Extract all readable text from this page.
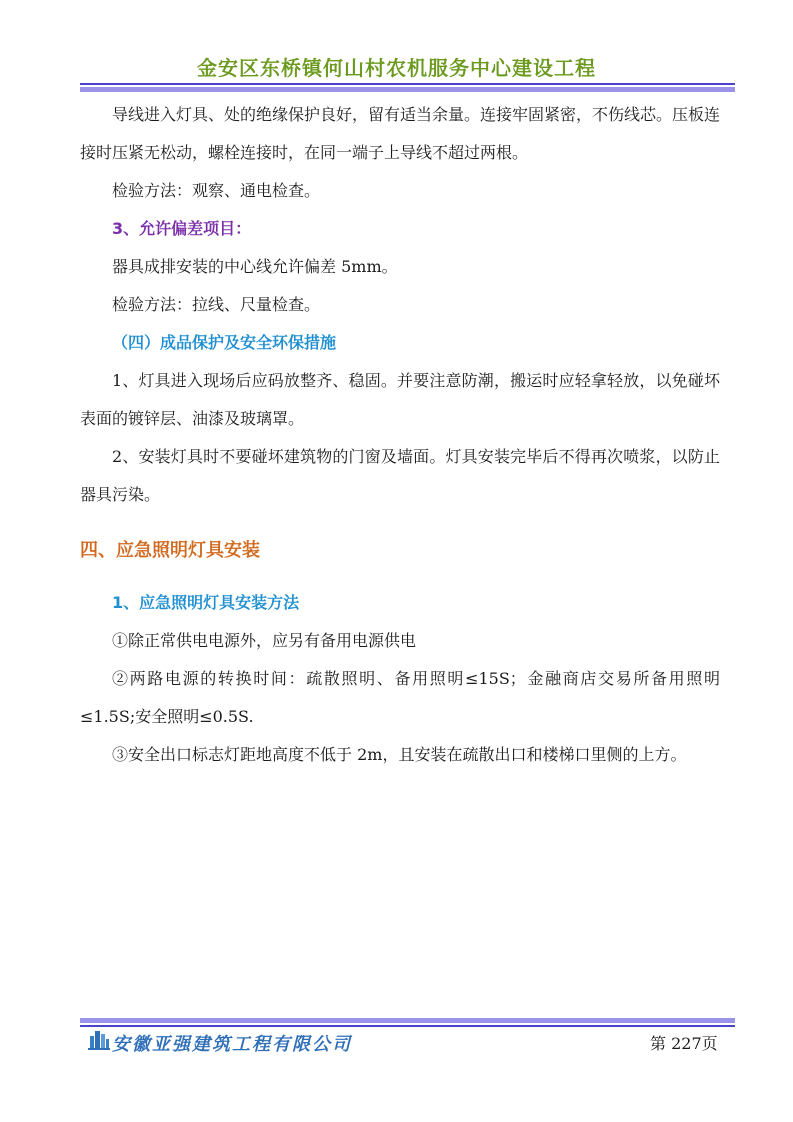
金安区东桥镇何山村农机服务中心建设工程

导线进入灯具、处的绝缘保护良好，留有适当余量。连接牢固紧密，不伤线芯。压板连接时压紧无松动，螺栓连接时，在同一端子上导线不超过两根。

检验方法：观察、通电检查。

3、允许偏差项目：

器具成排安装的中心线允许偏差 5mm。

检验方法：拉线、尺量检查。

（四）成品保护及安全环保措施

1、灯具进入现场后应码放整齐、稳固。并要注意防潮，搬运时应轻拿轻放，以免碰坏表面的镀锌层、油漆及玻璃罩。

2、安装灯具时不要碰坏建筑物的门窗及墙面。灯具安装完毕后不得再次喷浆，以防止器具污染。

四、应急照明灯具安装

1、应急照明灯具安装方法

①除正常供电电源外，应另有备用电源供电

②两路电源的转换时间：疏散照明、备用照明≤15S；金融商店交易所备用照明≤1.5S;安全照明≤0.5S.

③安全出口标志灯距地高度不低于 2m，且安装在疏散出口和楼梯口里侧的上方。

安徽亚强建筑工程有限公司	第 227页
